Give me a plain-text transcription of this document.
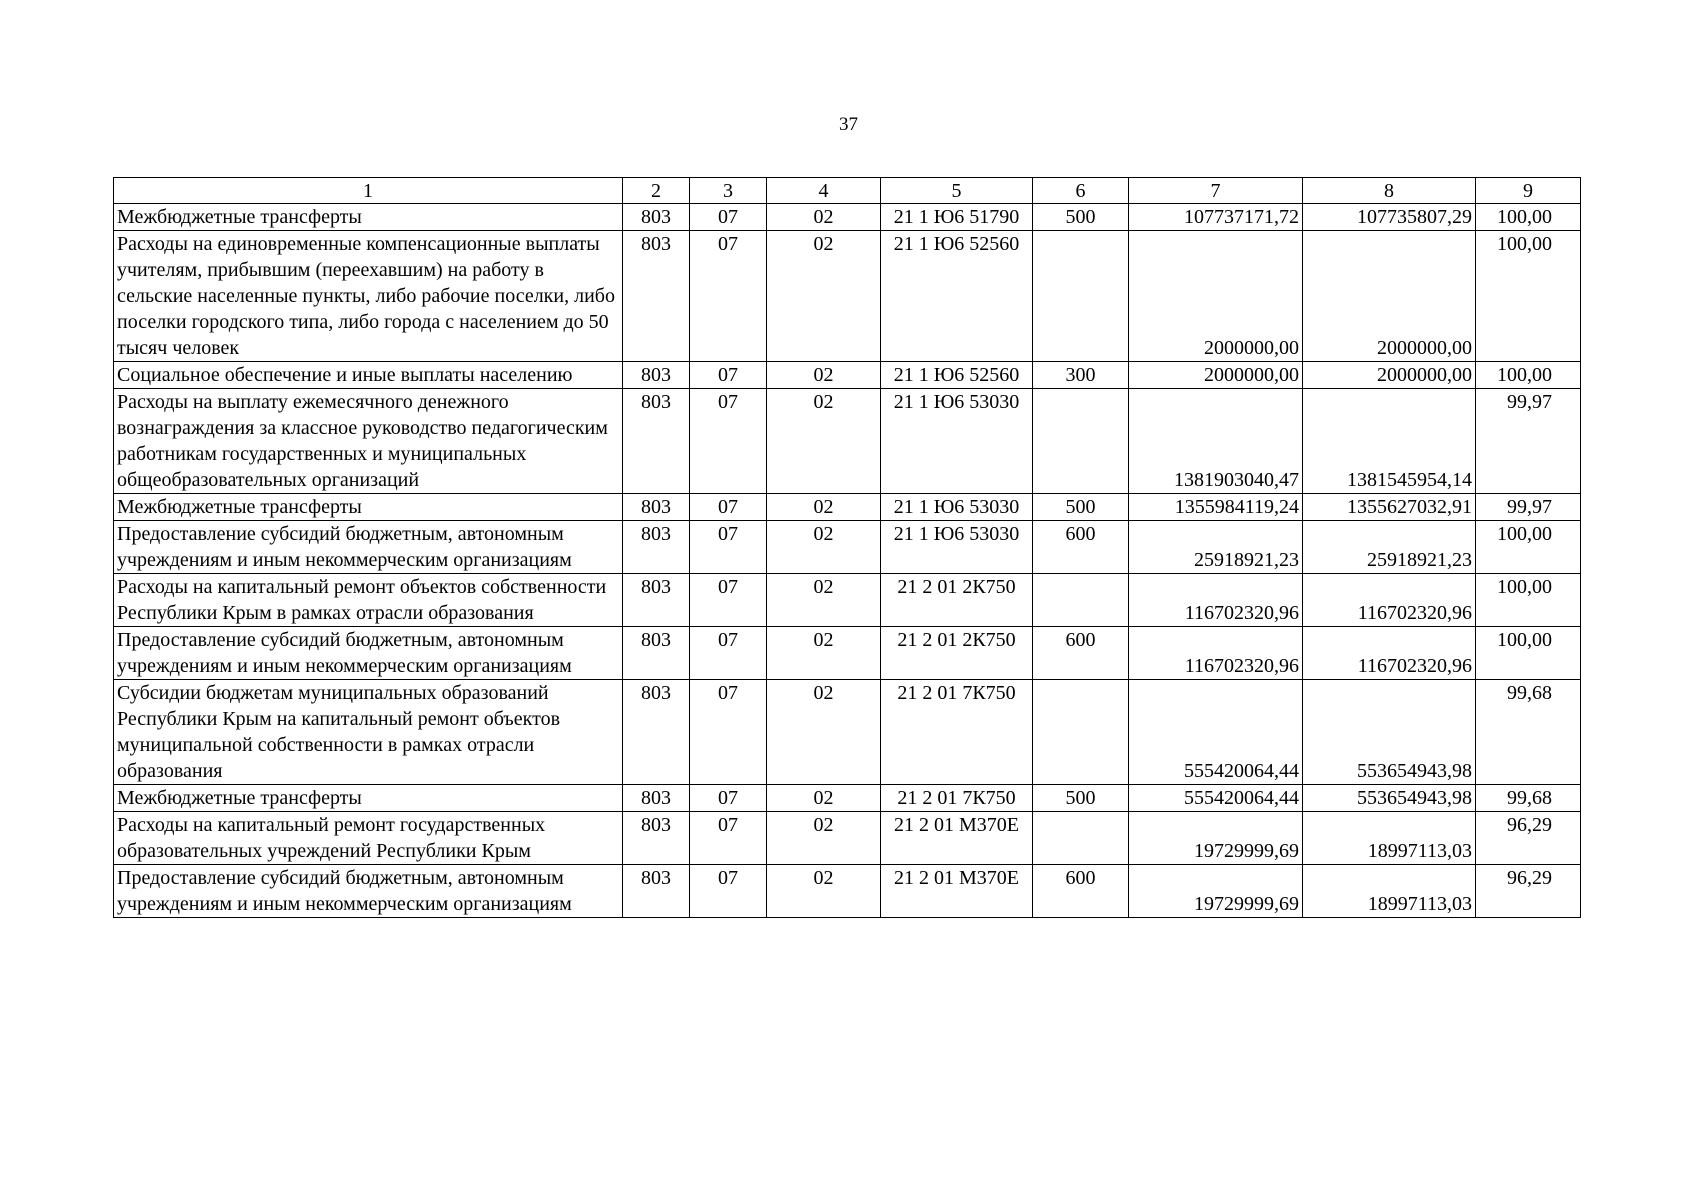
37
1	2	3	4	5	6	7	8	9
Межбюджетные трансферты	803	07	02	21 1 Ю6 51790	500	107737171,72	107735807,29	100,00
Расходы на единовременные компенсационные выплаты учителям, прибывшим (переехавшим) на работу в сельские населенные пункты, либо рабочие поселки, либо поселки городского типа, либо города с населением до 50 тысяч человек	803	07	02	21 1 Ю6 52560		2000000,00	2000000,00	100,00
Социальное обеспечение и иные выплаты населению	803	07	02	21 1 Ю6 52560	300	2000000,00	2000000,00	100,00
Расходы на выплату ежемесячного денежного вознаграждения за классное руководство педагогическим работникам государственных и муниципальных общеобразовательных организаций	803	07	02	21 1 Ю6 53030		1381903040,47	1381545954,14	99,97
Межбюджетные трансферты	803	07	02	21 1 Ю6 53030	500	1355984119,24	1355627032,91	99,97
Предоставление субсидий бюджетным, автономным учреждениям и иным некоммерческим организациям	803	07	02	21 1 Ю6 53030	600	25918921,23	25918921,23	100,00
Расходы на капитальный ремонт объектов собственности Республики Крым в рамках отрасли образования	803	07	02	21 2 01 2К750		116702320,96	116702320,96	100,00
Предоставление субсидий бюджетным, автономным учреждениям и иным некоммерческим организациям	803	07	02	21 2 01 2К750	600	116702320,96	116702320,96	100,00
Субсидии бюджетам муниципальных образований Республики Крым на капитальный ремонт объектов муниципальной собственности в рамках отрасли образования	803	07	02	21 2 01 7К750		555420064,44	553654943,98	99,68
Межбюджетные трансферты	803	07	02	21 2 01 7К750	500	555420064,44	553654943,98	99,68
Расходы на капитальный ремонт государственных образовательных учреждений Республики Крым	803	07	02	21 2 01 М370Е		19729999,69	18997113,03	96,29
Предоставление субсидий бюджетным, автономным учреждениям и иным некоммерческим организациям	803	07	02	21 2 01 М370Е	600	19729999,69	18997113,03	96,29
